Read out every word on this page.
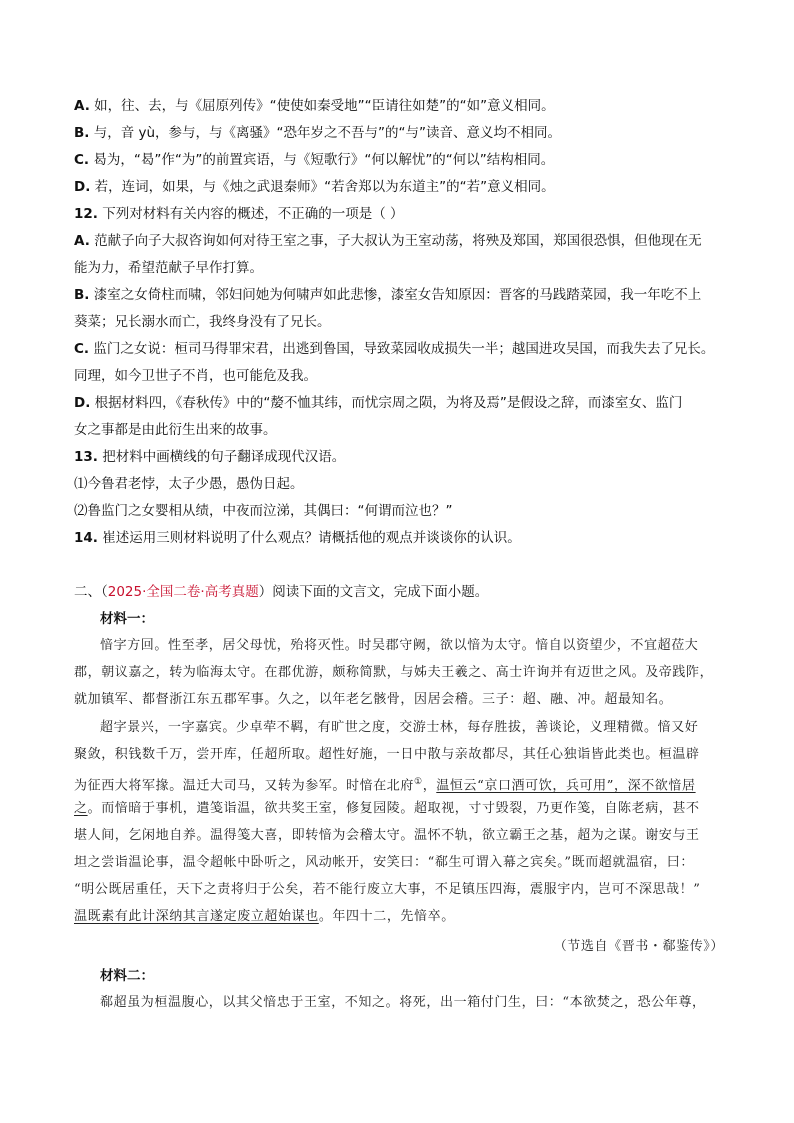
A. 如，往、去，与《屈原列传》“使使如秦受地”“臣请往如楚”的“如”意义相同。
B. 与，音 yù，参与，与《离骚》“恐年岁之不吾与”的“与”读音、意义均不相同。
C. 曷为，“曷”作“为”的前置宾语，与《短歌行》“何以解忧”的“何以”结构相同。
D. 若，连词，如果，与《烛之武退秦师》“若舍郑以为东道主”的“若”意义相同。
12. 下列对材料有关内容的概述，不正确的一项是（ ）
A. 范献子向子大叔咨询如何对待王室之事，子大叔认为王室动荡，将殃及郑国，郑国很恐惧，但他现在无
能为力，希望范献子早作打算。
B. 漆室之女倚柱而啸，邻妇问她为何啸声如此悲惨，漆室女告知原因：晋客的马践踏菜园，我一年吃不上
葵菜；兄长溺水而亡，我终身没有了兄长。
C. 监门之女说：桓司马得罪宋君，出逃到鲁国，导致菜园收成损失一半；越国进攻吴国，而我失去了兄长。
同理，如今卫世子不肖，也可能危及我。
D. 根据材料四，《春秋传》中的“嫠不恤其纬，而忧宗周之陨，为将及焉”是假设之辞，而漆室女、监门
女之事都是由此衍生出来的故事。
13. 把材料中画横线的句子翻译成现代汉语。
⑴今鲁君老悖，太子少愚，愚伪日起。
⑵鲁监门之女婴相从绩，中夜而泣涕，其偶曰：“何谓而泣也？”
14. 崔述运用三则材料说明了什么观点？请概括他的观点并谈谈你的认识。
二、（2025·全国二卷·高考真题）阅读下面的文言文，完成下面小题。
材料一：
愔字方回。性至孝，居父母忧，殆将灭性。时吴郡守阙，欲以愔为太守。愔自以资望少，不宜超莅大
郡，朝议嘉之，转为临海太守。在郡优游，颇称简默，与姊夫王羲之、高士许询并有迈世之风。及帝践阼，
就加镇军、都督浙江东五郡军事。久之，以年老乞骸骨，因居会稽。三子：超、融、冲。超最知名。
超字景兴，一字嘉宾。少卓荦不羁，有旷世之度，交游士林，每存胜拔，善谈论，义理精微。愔又好
聚敛，积钱数千万，尝开库，任超所取。超性好施，一日中散与亲故都尽，其任心独诣皆此类也。桓温辟
为征西大将军掾。温迁大司马，又转为参军。时愔在北府①，温恒云“京口酒可饮，兵可用”，深不欲愔居
之。而愔暗于事机，遣笺诣温，欲共奖王室，修复园陵。超取视，寸寸毁裂，乃更作笺，自陈老病，甚不
堪人间，乞闲地自养。温得笺大喜，即转愔为会稽太守。温怀不轨，欲立霸王之基，超为之谋。谢安与王
坦之尝诣温论事，温令超帐中卧听之，风动帐开，安笑曰：“郗生可谓入幕之宾矣。”既而超就温宿，曰：
“明公既居重任，天下之责将归于公矣，若不能行废立大事，不足镇压四海，震服宇内，岂可不深思哉！”
温既素有此计深纳其言遂定废立超始谋也。年四十二，先愔卒。
（节选自《晋书・郗鉴传》）
材料二：
郗超虽为桓温腹心，以其父愔忠于王室，不知之。将死，出一箱付门生，曰：“本欲焚之，恐公年尊，
